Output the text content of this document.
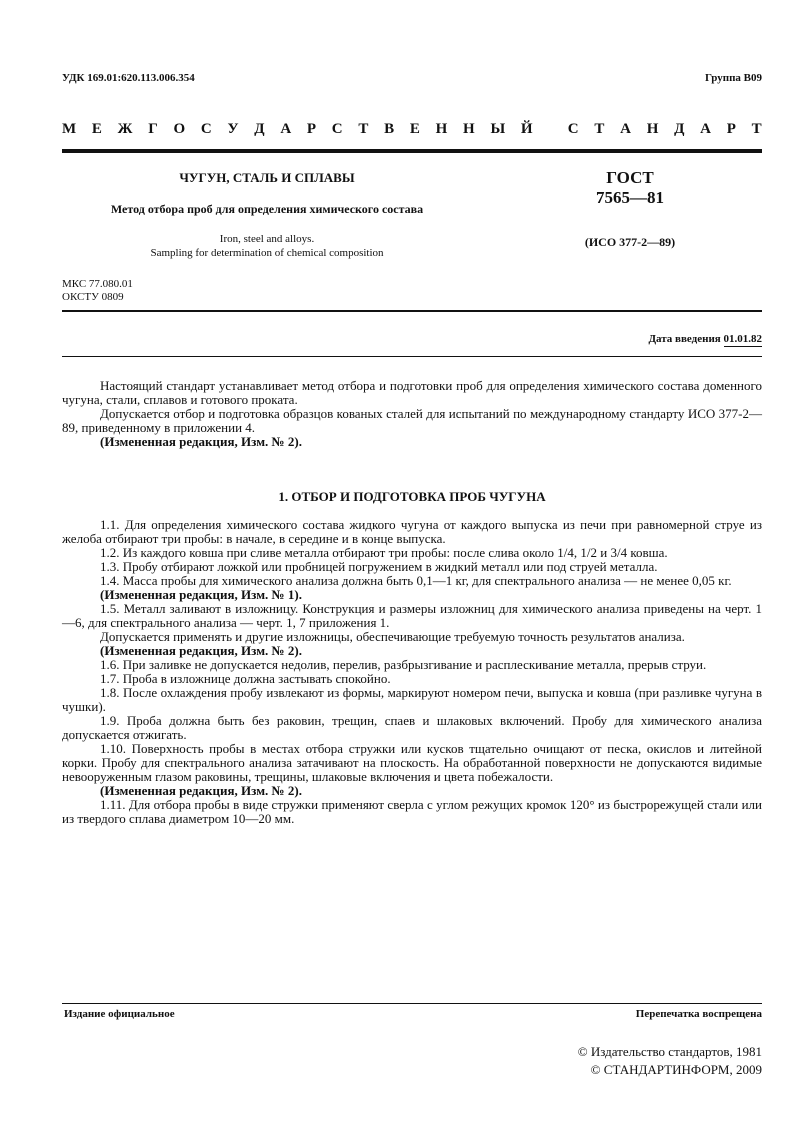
УДК 169.01:620.113.006.354	Группа В09
М Е Ж Г О С У Д А Р С Т В Е Н Н Ы Й
С Т А Н Д А Р Т
ЧУГУН, СТАЛЬ И СПЛАВЫ
Метод отбора проб для определения химического состава
Iron, steel and alloys.
Sampling for determination of chemical composition
ГОСТ
7565—81
(ИСО 377-2—89)
МКС 77.080.01
ОКСТУ 0809
Дата введения 01.01.82

Настоящий стандарт устанавливает метод отбора и подготовки проб для определения химического состава доменного чугуна, стали, сплавов и готового проката.

Допускается отбор и подготовка образцов кованых сталей для испытаний по международному стандарту ИСО 377-2—89, приведенному в приложении 4.

(Измененная редакция, Изм. № 2).

1. ОТБОР И ПОДГОТОВКА ПРОБ ЧУГУНА

1.1. Для определения химического состава жидкого чугуна от каждого выпуска из печи при равномерной струе из желоба отбирают три пробы: в начале, в середине и в конце выпуска.

1.2. Из каждого ковша при сливе металла отбирают три пробы: после слива около 1/4, 1/2 и 3/4 ковша.

1.3. Пробу отбирают ложкой или пробницей погружением в жидкий металл или под струей металла.

1.4. Масса пробы для химического анализа должна быть 0,1—1 кг, для спектрального анализа — не менее 0,05 кг.

(Измененная редакция, Изм. № 1).

1.5. Металл заливают в изложницу. Конструкция и размеры изложниц для химического анализа приведены на черт. 1—6, для спектрального анализа — черт. 1, 7 приложения 1.

Допускается применять и другие изложницы, обеспечивающие требуемую точность результатов анализа.

(Измененная редакция, Изм. № 2).

1.6. При заливке не допускается недолив, перелив, разбрызгивание и расплескивание металла, прерыв струи.

1.7. Проба в изложнице должна застывать спокойно.

1.8. После охлаждения пробу извлекают из формы, маркируют номером печи, выпуска и ковша (при разливке чугуна в чушки).

1.9. Проба должна быть без раковин, трещин, спаев и шлаковых включений. Пробу для химического анализа допускается отжигать.

1.10. Поверхность пробы в местах отбора стружки или кусков тщательно очищают от песка, окислов и литейной корки. Пробу для спектрального анализа затачивают на плоскость. На обработанной поверхности не допускаются видимые невооруженным глазом раковины, трещины, шлаковые включения и цвета побежалости.

(Измененная редакция, Изм. № 2).

1.11. Для отбора пробы в виде стружки применяют сверла с углом режущих кромок 120° из быстрорежущей стали или из твердого сплава диаметром 10—20 мм.

Издание официальное	Перепечатка воспрещена
© Издательство стандартов, 1981
© СТАНДАРТИНФОРМ, 2009
